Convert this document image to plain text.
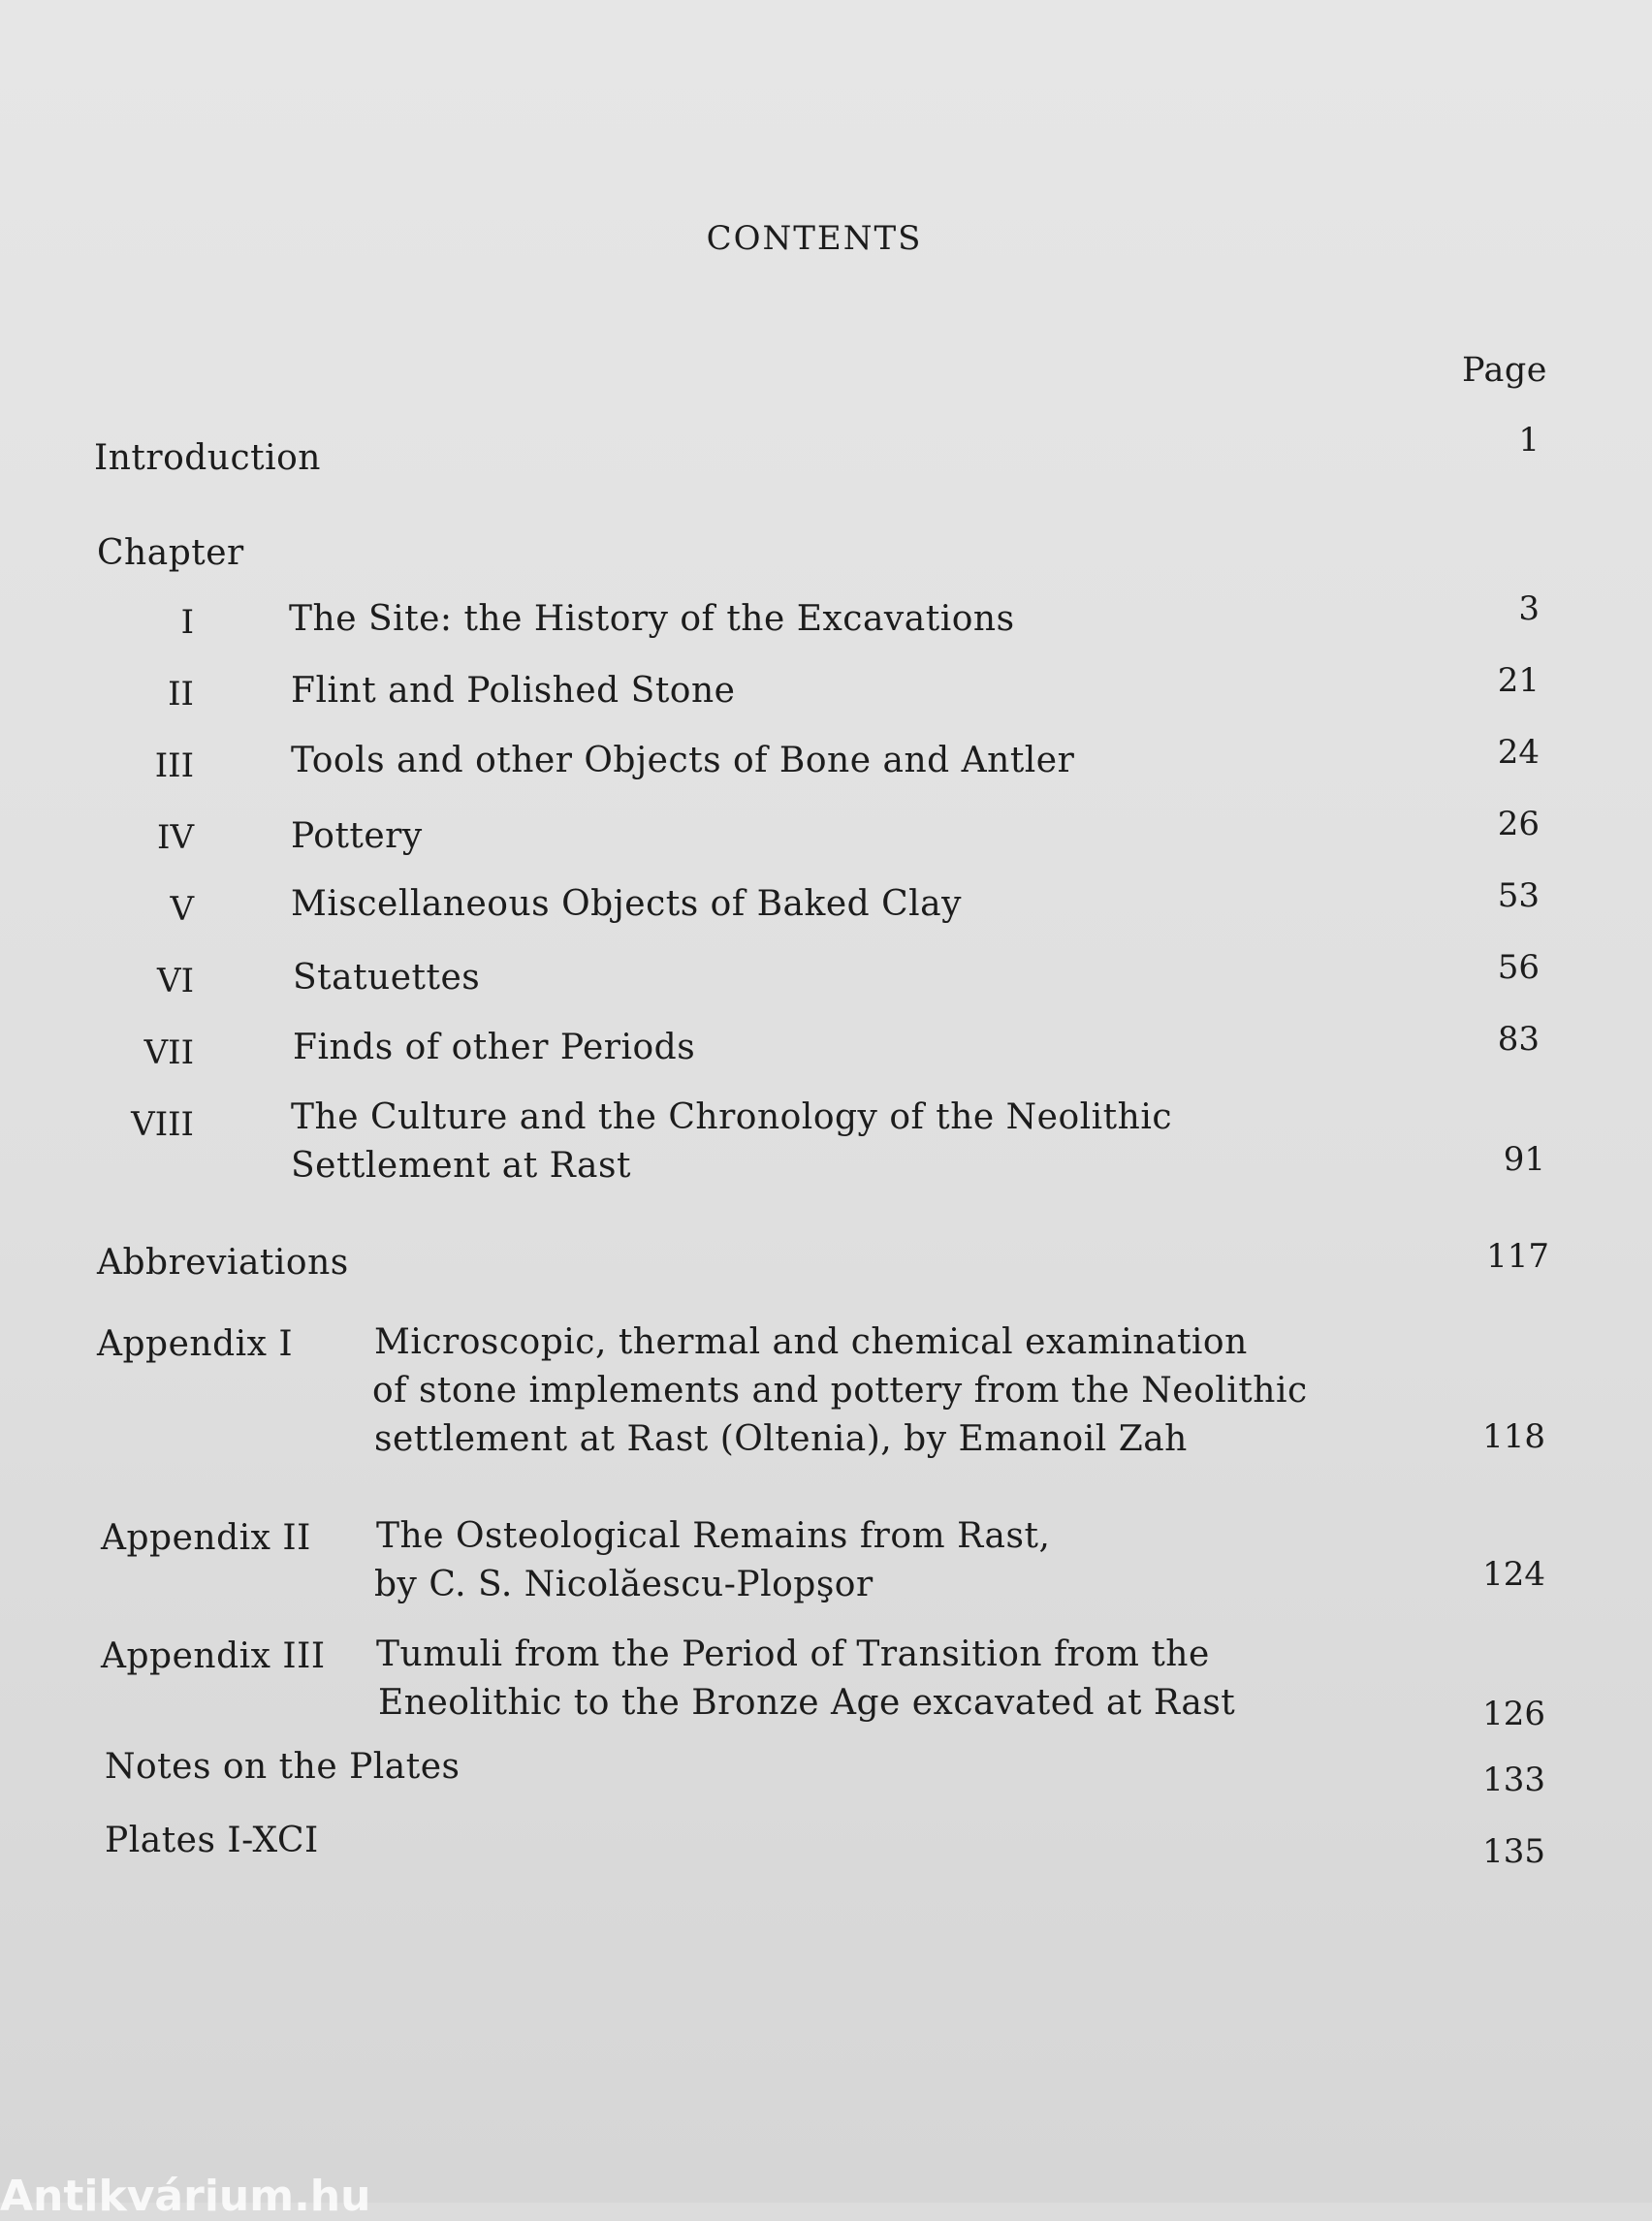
CONTENTS
Page
Introduction	1
Chapter
I	The Site: the History of the Excavations	3
II	Flint and Polished Stone	21
III	Tools and other Objects of Bone and Antler	24
IV	Pottery	26
V	Miscellaneous Objects of Baked Clay	53
VI	Statuettes	56
VII	Finds of other Periods	83
VIII	The Culture and the Chronology of the Neolithic
Settlement at Rast	91
Abbreviations	117
Appendix I Microscopic, thermal and chemical examination
of stone implements and pottery from the Neolithic
settlement at Rast (Oltenia), by Emanoil Zah	118
Appendix II The Osteological Remains from Rast,
by C. S. Nicolăescu-Plopşor	124
Appendix III Tumuli from the Period of Transition from the
Eneolithic to the Bronze Age excavated at Rast	126
Notes on the Plates	133
Plates I-XCI	135
Antikvárium.hu
